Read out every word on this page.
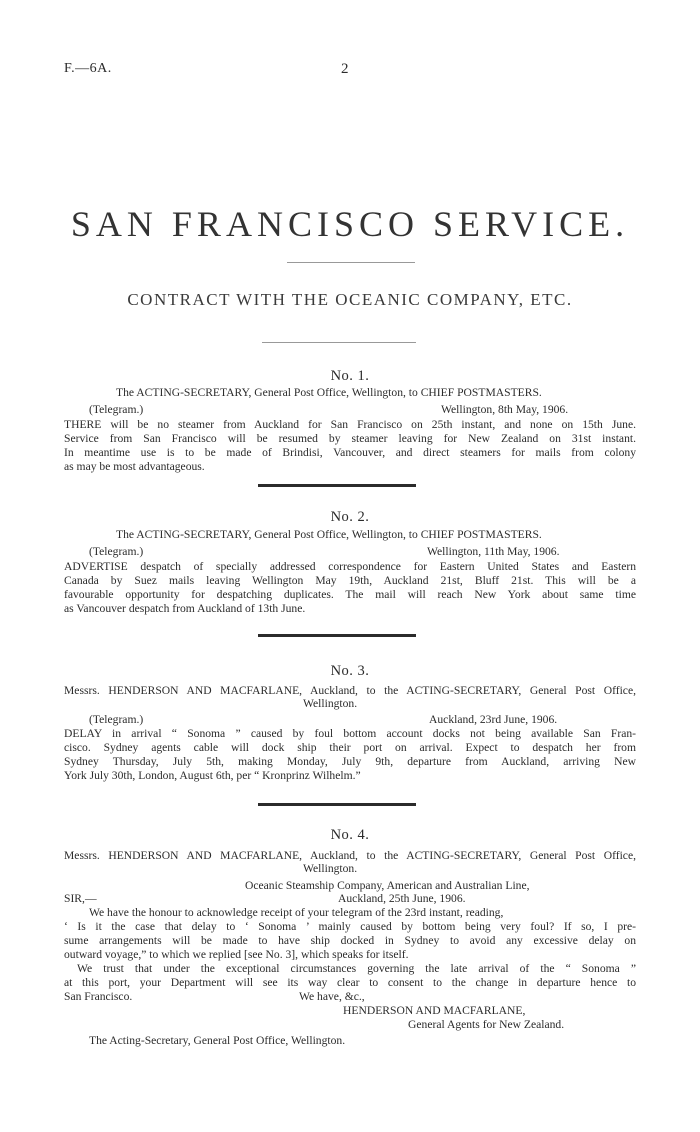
F.—6A.	2
SAN FRANCISCO SERVICE.
CONTRACT WITH THE OCEANIC COMPANY, ETC.
No. 1.
The ACTING-SECRETARY, General Post Office, Wellington, to CHIEF POSTMASTERS.
(Telegram.)	Wellington, 8th May, 1906.
THERE will be no steamer from Auckland for San Francisco on 25th instant, and none on 15th June.
Service from San Francisco will be resumed by steamer leaving for New Zealand on 31st instant.
In meantime use is to be made of Brindisi, Vancouver, and direct steamers for mails from colony
as may be most advantageous.
No. 2.
The ACTING-SECRETARY, General Post Office, Wellington, to CHIEF POSTMASTERS.
(Telegram.)	Wellington, 11th May, 1906.
ADVERTISE despatch of specially addressed correspondence for Eastern United States and Eastern
Canada by Suez mails leaving Wellington May 19th, Auckland 21st, Bluff 21st. This will be a
favourable opportunity for despatching duplicates. The mail will reach New York about same time
as Vancouver despatch from Auckland of 13th June.
No. 3.
Messrs. HENDERSON AND MACFARLANE, Auckland, to the ACTING-SECRETARY, General Post Office,
Wellington.
(Telegram.)	Auckland, 23rd June, 1906.
DELAY in arrival “ Sonoma ” caused by foul bottom account docks not being available San Fran-
cisco. Sydney agents cable will dock ship their port on arrival. Expect to despatch her from
Sydney Thursday, July 5th, making Monday, July 9th, departure from Auckland, arriving New
York July 30th, London, August 6th, per “ Kronprinz Wilhelm.”
No. 4.
Messrs. HENDERSON AND MACFARLANE, Auckland, to the ACTING-SECRETARY, General Post Office,
Wellington.
Oceanic Steamship Company, American and Australian Line,
SIR,—	Auckland, 25th June, 1906.
We have the honour to acknowledge receipt of your telegram of the 23rd instant, reading,
‘ Is it the case that delay to ‘ Sonoma ’ mainly caused by bottom being very foul? If so, I pre-
sume arrangements will be made to have ship docked in Sydney to avoid any excessive delay on
outward voyage,” to which we replied [see No. 3], which speaks for itself.
We trust that under the exceptional circumstances governing the late arrival of the “ Sonoma ”
at this port, your Department will see its way clear to consent to the change in departure hence to
San Francisco.	We have, &c.,
HENDERSON AND MACFARLANE,
General Agents for New Zealand.
The Acting-Secretary, General Post Office, Wellington.
